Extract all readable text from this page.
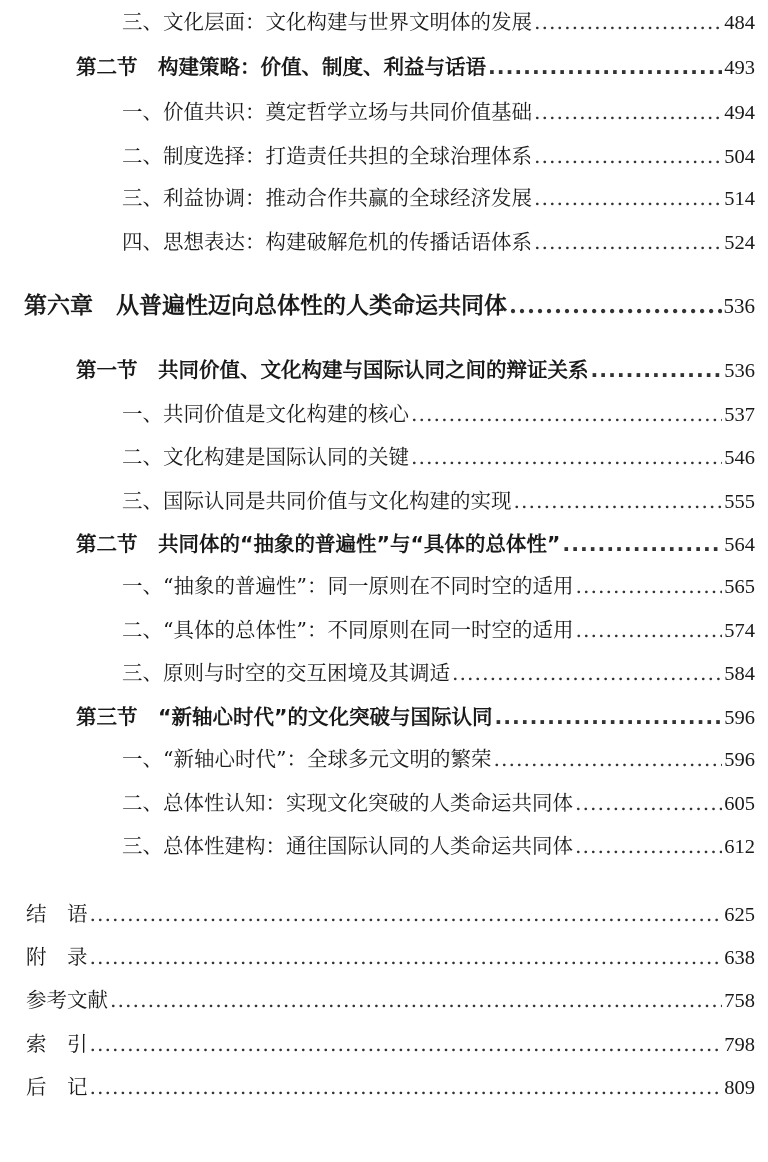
三、文化层面：文化构建与世界文明体的发展 .....	484
第二节　构建策略：价值、制度、利益与话语 .....	493
一、价值共识：奠定哲学立场与共同价值基础 .....	494
二、制度选择：打造责任共担的全球治理体系 .....	504
三、利益协调：推动合作共赢的全球经济发展 .....	514
四、思想表达：构建破解危机的传播话语体系 .....	524
第六章　从普遍性迈向总体性的人类命运共同体 .....	536
第一节　共同价值、文化构建与国际认同之间的辩证关系 .....	536
一、共同价值是文化构建的核心 .....	537
二、文化构建是国际认同的关键 .....	546
三、国际认同是共同价值与文化构建的实现 .....	555
第二节　共同体的“抽象的普遍性”与“具体的总体性” .....	564
一、“抽象的普遍性”：同一原则在不同时空的适用 .....	565
二、“具体的总体性”：不同原则在同一时空的适用 .....	574
三、原则与时空的交互困境及其调适 .....	584
第三节　“新轴心时代”的文化突破与国际认同 .....	596
一、“新轴心时代”：全球多元文明的繁荣 .....	596
二、总体性认知：实现文化突破的人类命运共同体 .....	605
三、总体性建构：通往国际认同的人类命运共同体 .....	612
结　语 .....	625
附　录 .....	638
参考文献 .....	758
索　引 .....	798
后　记 .....	809
